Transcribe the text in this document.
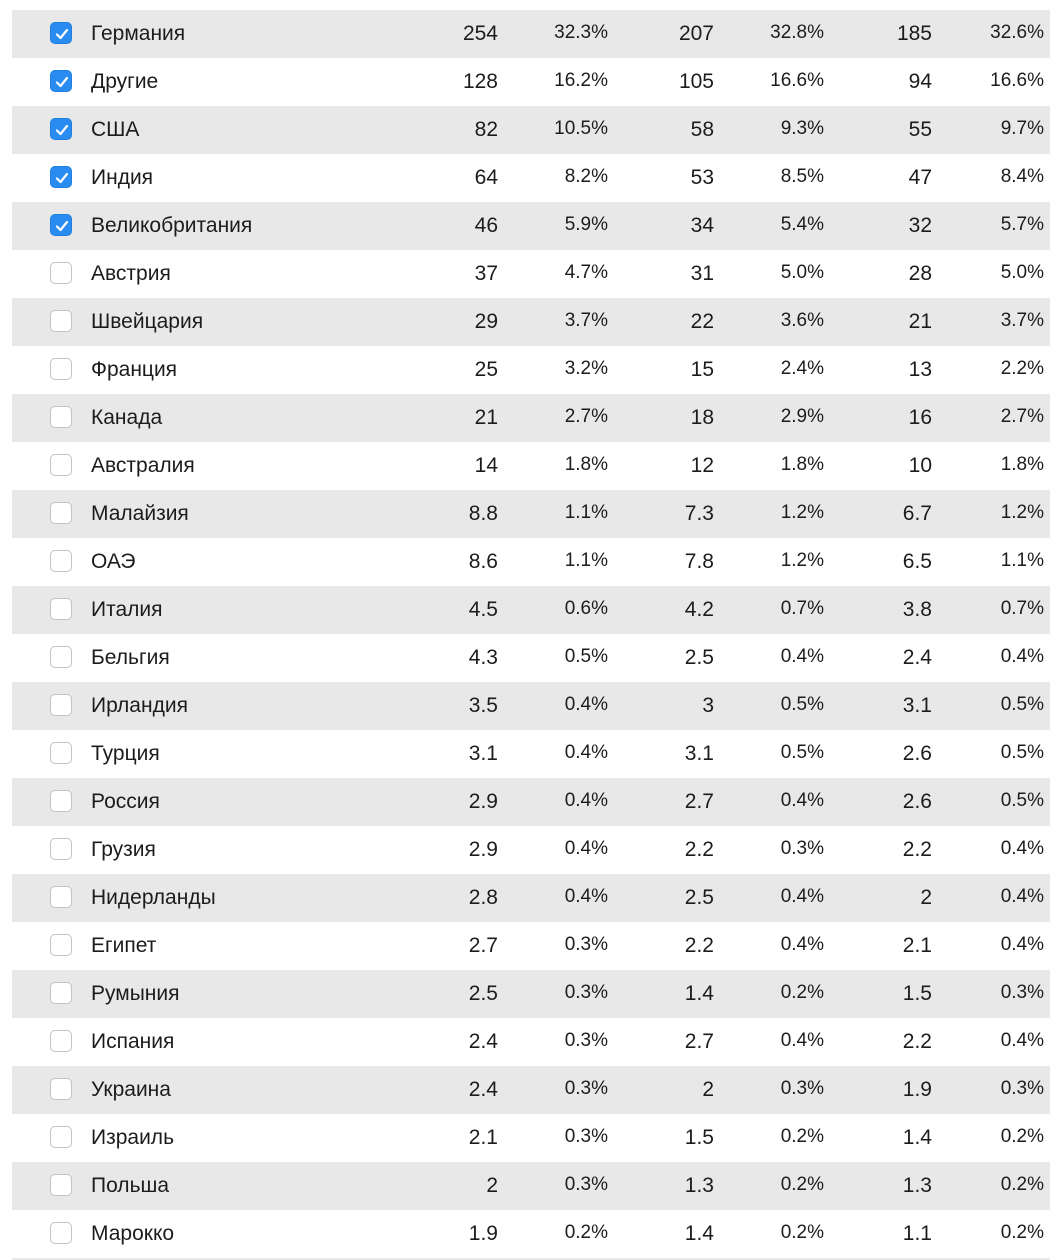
Германия	254	32.3%	207	32.8%	185	32.6%
Другие	128	16.2%	105	16.6%	94	16.6%
США	82	10.5%	58	9.3%	55	9.7%
Индия	64	8.2%	53	8.5%	47	8.4%
Великобритания	46	5.9%	34	5.4%	32	5.7%
Австрия	37	4.7%	31	5.0%	28	5.0%
Швейцария	29	3.7%	22	3.6%	21	3.7%
Франция	25	3.2%	15	2.4%	13	2.2%
Канада	21	2.7%	18	2.9%	16	2.7%
Австралия	14	1.8%	12	1.8%	10	1.8%
Малайзия	8.8	1.1%	7.3	1.2%	6.7	1.2%
ОАЭ	8.6	1.1%	7.8	1.2%	6.5	1.1%
Италия	4.5	0.6%	4.2	0.7%	3.8	0.7%
Бельгия	4.3	0.5%	2.5	0.4%	2.4	0.4%
Ирландия	3.5	0.4%	3	0.5%	3.1	0.5%
Турция	3.1	0.4%	3.1	0.5%	2.6	0.5%
Россия	2.9	0.4%	2.7	0.4%	2.6	0.5%
Грузия	2.9	0.4%	2.2	0.3%	2.2	0.4%
Нидерланды	2.8	0.4%	2.5	0.4%	2	0.4%
Египет	2.7	0.3%	2.2	0.4%	2.1	0.4%
Румыния	2.5	0.3%	1.4	0.2%	1.5	0.3%
Испания	2.4	0.3%	2.7	0.4%	2.2	0.4%
Украина	2.4	0.3%	2	0.3%	1.9	0.3%
Израиль	2.1	0.3%	1.5	0.2%	1.4	0.2%
Польша	2	0.3%	1.3	0.2%	1.3	0.2%
Марокко	1.9	0.2%	1.4	0.2%	1.1	0.2%
